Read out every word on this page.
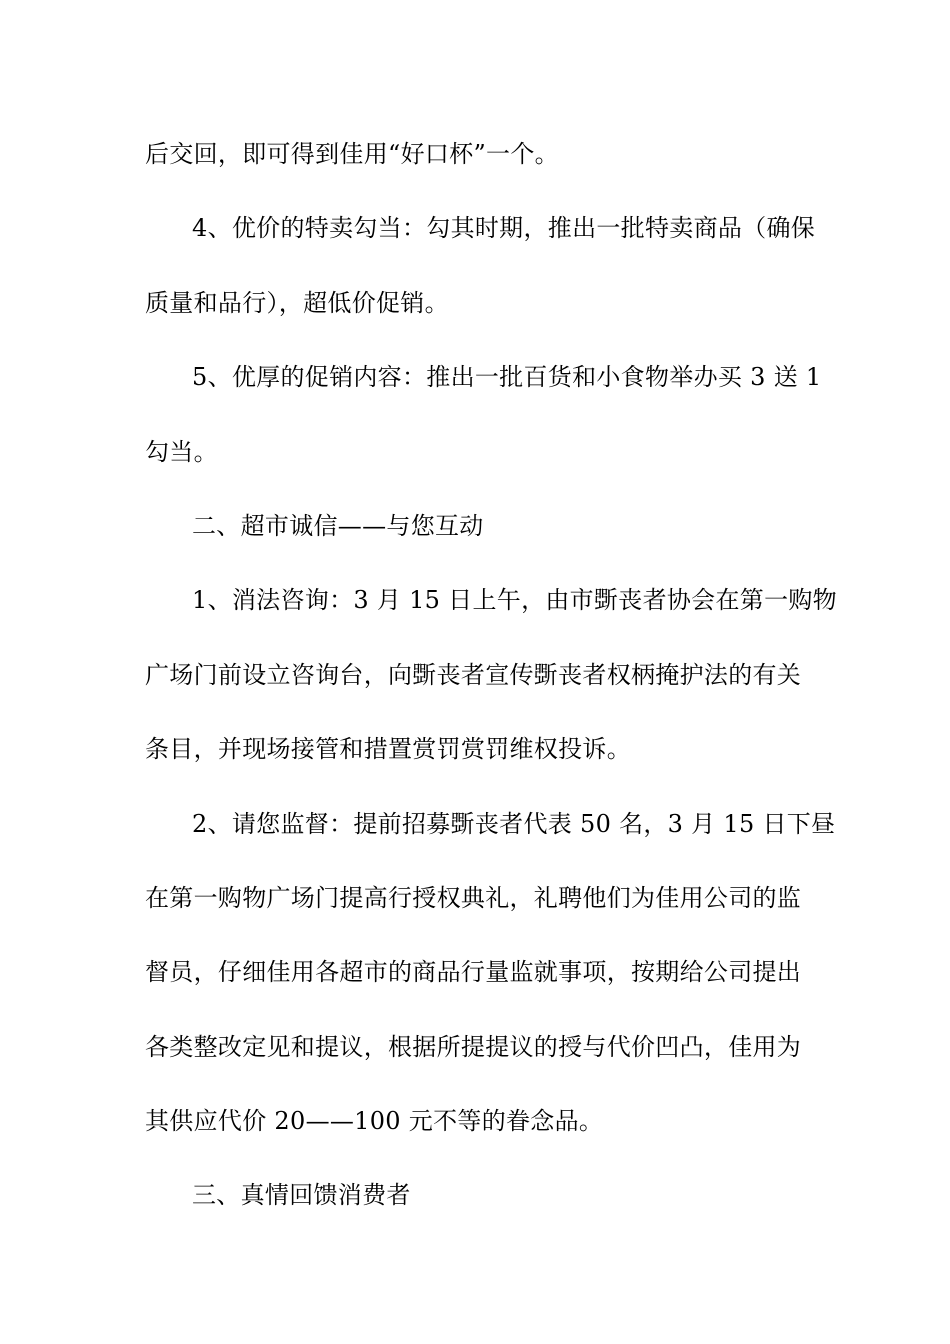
后交回，即可得到佳用“好口杯”一个。
4、优价的特卖勾当：勾其时期，推出一批特卖商品（确保
质量和品行），超低价促销。
5、优厚的促销内容：推出一批百货和小食物举办买 3 送 1
勾当。
二、超市诚信——与您互动
1、消法咨询：3 月 15 日上午，由市斲丧者协会在第一购物
广场门前设立咨询台，向斲丧者宣传斲丧者权柄掩护法的有关
条目，并现场接管和措置赏罚赏罚维权投诉。
2、请您监督：提前招募斲丧者代表 50 名，3 月 15 日下昼
在第一购物广场门提高行授权典礼，礼聘他们为佳用公司的监
督员，仔细佳用各超市的商品行量监就事项，按期给公司提出
各类整改定见和提议，根据所提提议的授与代价凹凸，佳用为
其供应代价 20——100 元不等的眷念品。
三、真情回馈消费者
